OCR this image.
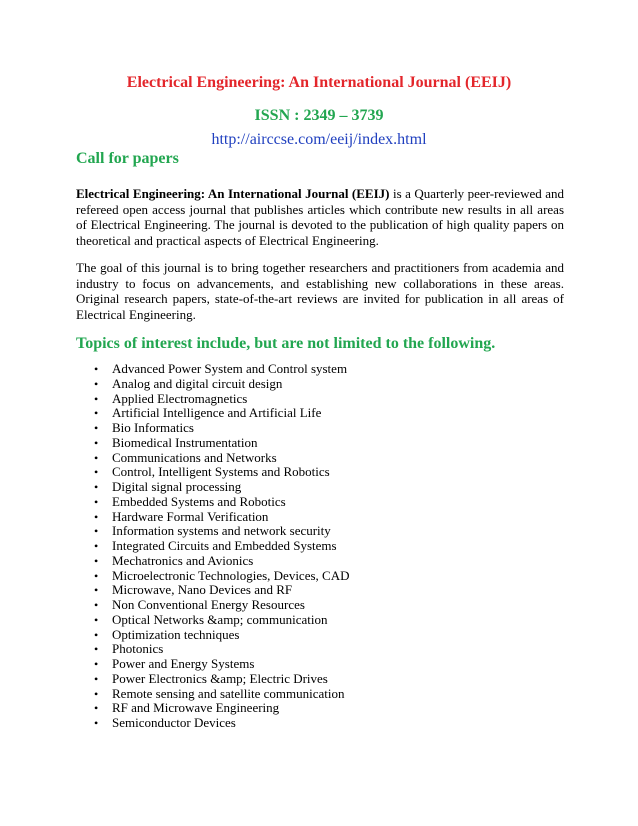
Electrical Engineering: An International Journal (EEIJ)
ISSN : 2349 – 3739
http://airccse.com/eeij/index.html
Call for papers

Electrical Engineering: An International Journal (EEIJ) is a Quarterly peer-reviewed and refereed open access journal that publishes articles which contribute new results in all areas of Electrical Engineering. The journal is devoted to the publication of high quality papers on theoretical and practical aspects of Electrical Engineering.

The goal of this journal is to bring together researchers and practitioners from academia and industry to focus on advancements, and establishing new collaborations in these areas. Original research papers, state-of-the-art reviews are invited for publication in all areas of Electrical Engineering.

Topics of interest include, but are not limited to the following.
•	Advanced Power System and Control system
•	Analog and digital circuit design
•	Applied Electromagnetics
•	Artificial Intelligence and Artificial Life
•	Bio Informatics
•	Biomedical Instrumentation
•	Communications and Networks
•	Control, Intelligent Systems and Robotics
•	Digital signal processing
•	Embedded Systems and Robotics
•	Hardware Formal Verification
•	Information systems and network security
•	Integrated Circuits and Embedded Systems
•	Mechatronics and Avionics
•	Microelectronic Technologies, Devices, CAD
•	Microwave, Nano Devices and RF
•	Non Conventional Energy Resources
•	Optical Networks &amp; communication
•	Optimization techniques
•	Photonics
•	Power and Energy Systems
•	Power Electronics &amp; Electric Drives
•	Remote sensing and satellite communication
•	RF and Microwave Engineering
•	Semiconductor Devices
